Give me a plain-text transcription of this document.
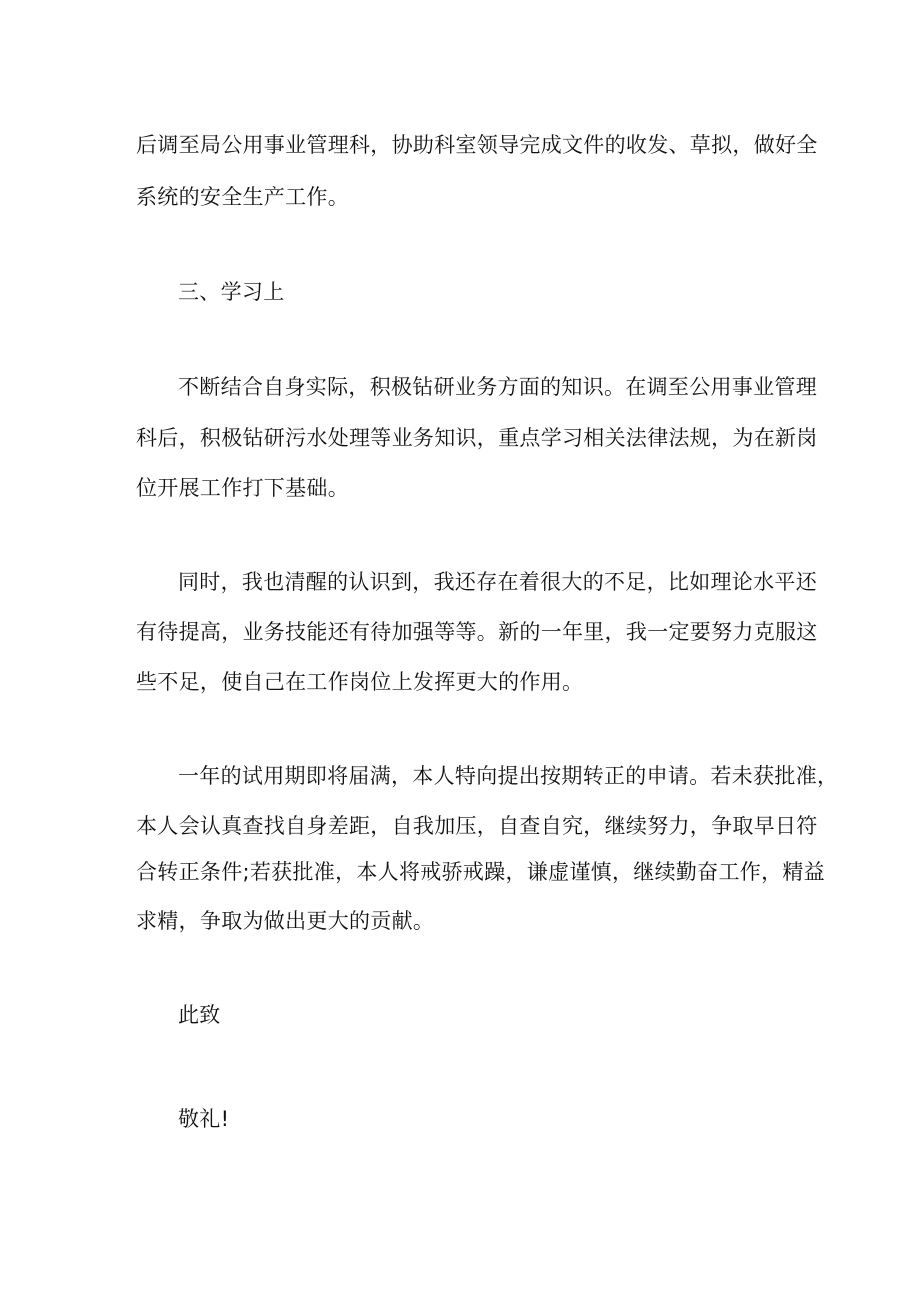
后调至局公用事业管理科，协助科室领导完成文件的收发、草拟，做好全

系统的安全生产工作。

三、学习上

不断结合自身实际，积极钻研业务方面的知识。在调至公用事业管理

科后，积极钻研污水处理等业务知识，重点学习相关法律法规，为在新岗

位开展工作打下基础。

同时，我也清醒的认识到，我还存在着很大的不足，比如理论水平还

有待提高，业务技能还有待加强等等。新的一年里，我一定要努力克服这

些不足，使自己在工作岗位上发挥更大的作用。

一年的试用期即将届满，本人特向提出按期转正的申请。若未获批准，

本人会认真查找自身差距，自我加压，自查自究，继续努力，争取早日符

合转正条件;若获批准，本人将戒骄戒躁，谦虚谨慎，继续勤奋工作，精益

求精，争取为做出更大的贡献。

此致

敬礼!
